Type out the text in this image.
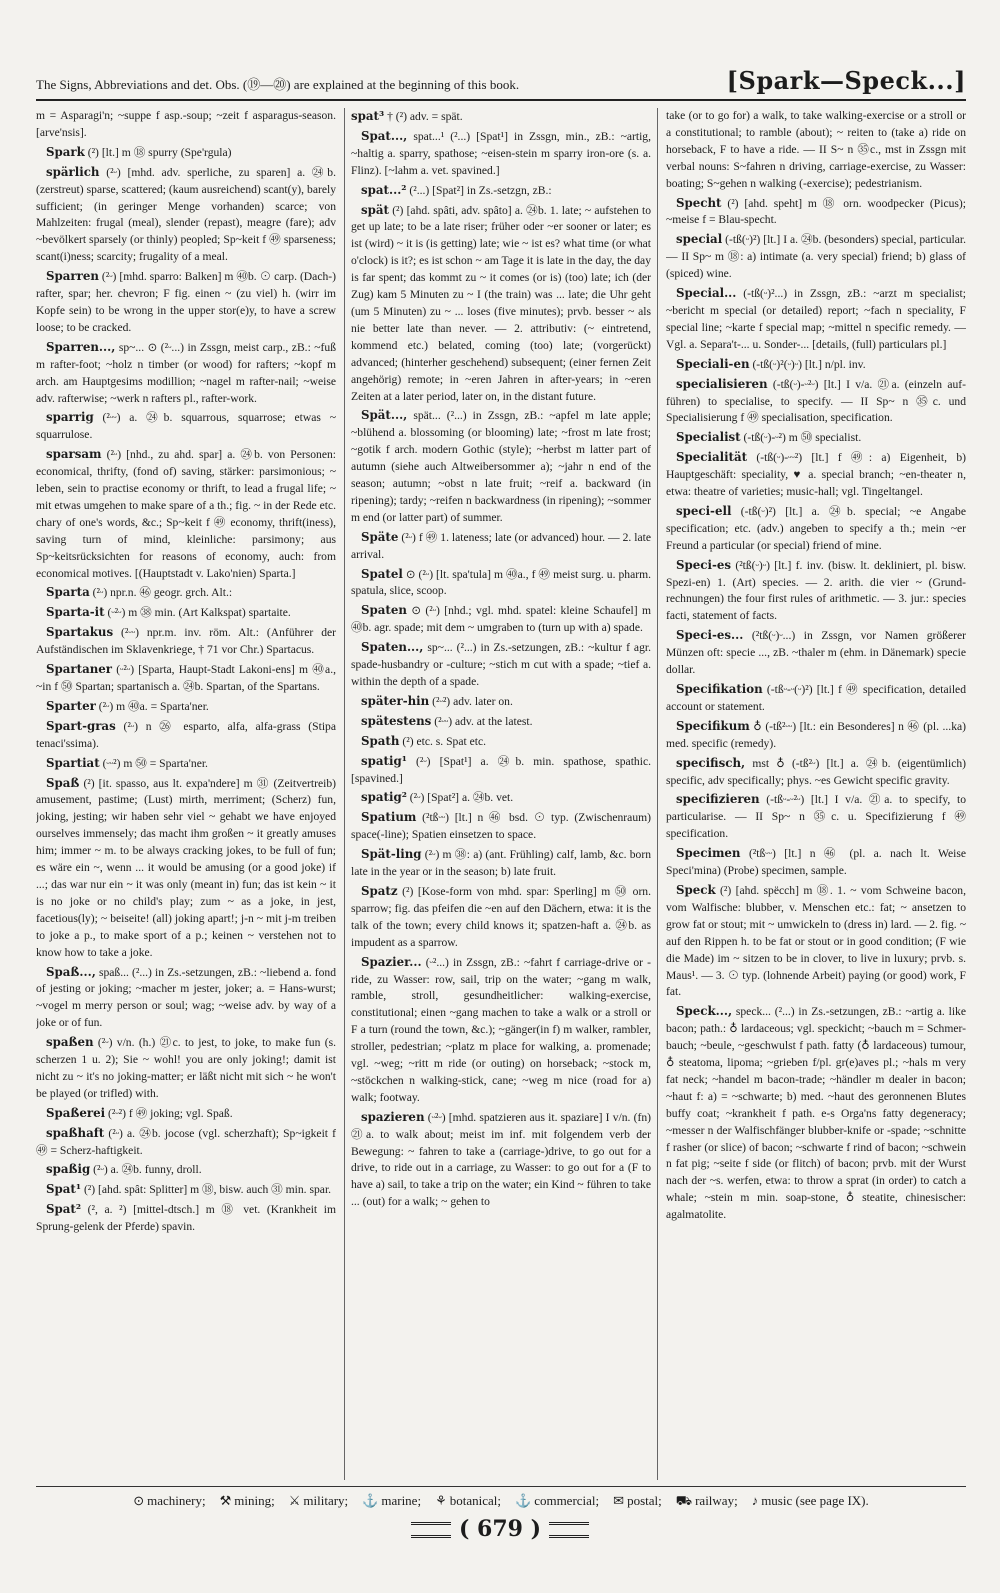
The Signs, Abbreviations and det. Obs. (⑲—⑳) are explained at the beginning of this book.	[Spark—Speck...]

m = Asparagi'n; ~suppe f asp.-soup; ~zeit f asparagus-season. [arve'nsis].

Spark (²) [lt.] m ⑱ spurry (Spe'rgula)

spärlich (²ᵕ) [mhd. adv. sperliche, zu sparen] a. ㉔b. (zerstreut) sparse, scattered; (kaum ausreichend) scant(y), barely sufficient; (in geringer Menge vorhanden) scarce; von Mahlzeiten: frugal (meal), slender (repast), meagre (fare); adv ~bevölkert sparsely (or thinly) peopled; Sp~keit f ㊾ sparseness; scant(i)ness; scarcity; frugality of a meal.

Sparren (²ᵕ) [mhd. sparro: Balken] m ㊵b. ⊙ carp. (Dach-) rafter, spar; her. chevron; F fig. einen ~ (zu viel) h. (wirr im Kopfe sein) to be wrong in the upper stor(e)y, to have a screw loose; to be cracked.

Sparren..., sp~... ⊙ (²ᵕ...) in Zssgn, meist carp., zB.: ~fuß m rafter-foot; ~holz n timber (or wood) for rafters; ~kopf m arch. am Hauptgesims modillion; ~nagel m rafter-nail; ~weise adv. rafterwise; ~werk n rafters pl., rafter-work.

sparrig (²ᵕᵕ) a. ㉔b. squarrous, squarrose; etwas ~ squarrulose.

sparsam (²ᵕ) [nhd., zu ahd. spar] a. ㉔b. von Personen: economical, thrifty, (fond of) saving, stärker: parsimonious; ~ leben, sein to practise economy or thrift, to lead a frugal life; ~ mit etwas umgehen to make spare of a th.; fig. ~ in der Rede etc. chary of one's words, &c.; Sp~keit f ㊾ economy, thrift(iness), saving turn of mind, kleinliche: parsimony; aus Sp~keitsrücksichten for reasons of economy, auch: from economical motives. [(Hauptstadt v. Lako'nien) Sparta.]

Sparta (²ᵕ) npr.n. ㊻ geogr. grch. Alt.:

Sparta-it (ᵕ²ᵕ) m ㊳ min. (Art Kalkspat) spartaite.

Spartakus (²ᵕᵕ) npr.m. inv. röm. Alt.: (Anführer der Aufständischen im Sklavenkriege, † 71 vor Chr.) Spartacus.

Spartaner (ᵕ²ᵕ) [Sparta, Haupt-Stadt Lakoni-ens] m ㊵a., ~in f ㊿ Spartan; spartanisch a. ㉔b. Spartan, of the Spartans.

Sparter (²ᵕ) m ㊵a. = Sparta'ner.

Spart-gras (²ᵕ) n ㉖ esparto, alfa, alfa-grass (Stipa tenaci'ssima).

Spartiat (ᵕᵕ²) m ㊿ = Sparta'ner.

Spaß (²) [it. spasso, aus lt. expa'ndere] m ㉛ (Zeitvertreib) amusement, pastime; (Lust) mirth, merriment; (Scherz) fun, joking, jesting; wir haben sehr viel ~ gehabt we have enjoyed ourselves immensely; das macht ihm großen ~ it greatly amuses him; immer ~ m. to be always cracking jokes, to be full of fun; es wäre ein ~, wenn ... it would be amusing (or a good joke) if ...; das war nur ein ~ it was only (meant in) fun; das ist kein ~ it is no joke or no child's play; zum ~ as a joke, in jest, facetious(ly); ~ beiseite! (all) joking apart!; j-n ~ mit j-m treiben to joke a p., to make sport of a p.; keinen ~ verstehen not to know how to take a joke.

Spaß..., spaß... (²...) in Zs.-setzungen, zB.: ~liebend a. fond of jesting or joking; ~macher m jester, joker; a. = Hans-wurst; ~vogel m merry person or soul; wag; ~weise adv. by way of a joke or of fun.

spaßen (²ᵕ) v/n. (h.) ㉑c. to jest, to joke, to make fun (s. scherzen 1 u. 2); Sie ~ wohl! you are only joking!; damit ist nicht zu ~ it's no joking-matter; er läßt nicht mit sich ~ he won't be played (or trifled) with.

Spaßerei (²ᵕ²) f ㊾ joking; vgl. Spaß.

spaßhaft (²ᵕ) a. ㉔b. jocose (vgl. scherzhaft); Sp~igkeit f ㊾ = Scherz-haftigkeit.

spaßig (²ᵕ) a. ㉔b. funny, droll.

Spat¹ (²) [ahd. spât: Splitter] m ⑱, bisw. auch ㉛ min. spar.

Spat² (², a. ²) [mittel-dtsch.] m ⑱ vet. (Krankheit im Sprung-gelenk der Pferde) spavin.

spat³ † (²) adv. = spät.

Spat..., spat...¹ (²...) [Spat¹] in Zssgn, min., zB.: ~artig, ~haltig a. sparry, spathose; ~eisen-stein m sparry iron-ore (s. a. Flinz). [~lahm a. vet. spavined.]

spat...² (²...) [Spat²] in Zs.-setzgn, zB.:

spät (²) [ahd. spâti, adv. spâto] a. ㉔b. 1. late; ~ aufstehen to get up late; to be a late riser; früher oder ~er sooner or later; es ist (wird) ~ it is (is getting) late; wie ~ ist es? what time (or what o'clock) is it?; es ist schon ~ am Tage it is late in the day, the day is far spent; das kommt zu ~ it comes (or is) (too) late; ich (der Zug) kam 5 Minuten zu ~ I (the train) was ... late; die Uhr geht (um 5 Minuten) zu ~ ... loses (five minutes); prvb. besser ~ als nie better late than never. — 2. attributiv: (~ eintretend, kommend etc.) belated, coming (too) late; (vorgerückt) advanced; (hinterher geschehend) subsequent; (einer fernen Zeit angehörig) remote; in ~eren Jahren in after-years; in ~eren Zeiten at a later period, later on, in the distant future.

Spät..., spät... (²...) in Zssgn, zB.: ~apfel m late apple; ~blühend a. blossoming (or blooming) late; ~frost m late frost; ~gotik f arch. modern Gothic (style); ~herbst m latter part of autumn (siehe auch Altweibersommer a); ~jahr n end of the season; autumn; ~obst n late fruit; ~reif a. backward (in ripening); tardy; ~reifen n backwardness (in ripening); ~sommer m end (or latter part) of summer.

Späte (²ᵕ) f ㊾ 1. lateness; late (or advanced) hour. — 2. late arrival.

Spatel ⊙ (²ᵕ) [lt. spa'tula] m ㊵a., f ㊾ meist surg. u. pharm. spatula, slice, scoop.

Spaten ⊙ (²ᵕ) [nhd.; vgl. mhd. spatel: kleine Schaufel] m ㊵b. agr. spade; mit dem ~ umgraben to (turn up with a) spade.

Spaten..., sp~... (²...) in Zs.-setzungen, zB.: ~kultur f agr. spade-husbandry or -culture; ~stich m cut with a spade; ~tief a. within the depth of a spade.

später-hin (²ᵕ²) adv. later on.

spätestens (²ᵕᵕ) adv. at the latest.

Spath (²) etc. s. Spat etc.

spatig¹ (²ᵕ) [Spat¹] a. ㉔b. min. spathose, spathic. [spavined.]

spatig² (²ᵕ) [Spat²] a. ㉔b. vet.

Spatium (²tßᵕᵕ) [lt.] n ㊻ bsd. ⊙ typ. (Zwischenraum) space(-line); Spatien einsetzen to space.

Spät-ling (²ᵕ) m ㊳: a) (ant. Frühling) calf, lamb, &c. born late in the year or in the season; b) late fruit.

Spatz (²) [Kose-form von mhd. spar: Sperling] m ㊿ orn. sparrow; fig. das pfeifen die ~en auf den Dächern, etwa: it is the talk of the town; every child knows it; spatzen-haft a. ㉔b. as impudent as a sparrow.

Spazier... (ᵕ²...) in Zssgn, zB.: ~fahrt f carriage-drive or -ride, zu Wasser: row, sail, trip on the water; ~gang m walk, ramble, stroll, gesundheitlicher: walking-exercise, constitutional; einen ~gang machen to take a walk or a stroll or F a turn (round the town, &c.); ~gänger(in f) m walker, rambler, stroller, pedestrian; ~platz m place for walking, a. promenade; vgl. ~weg; ~ritt m ride (or outing) on horseback; ~stock m, ~stöckchen n walking-stick, cane; ~weg m nice (road for a) walk; footway.

spazieren (ᵕ²ᵕ) [mhd. spatzieren aus it. spaziare] I v/n. (fn) ㉑a. to walk about; meist im inf. mit folgendem verb der Bewegung: ~ fahren to take a (carriage-)drive, to go out for a drive, to ride out in a carriage, zu Wasser: to go out for a (F to have a) sail, to take a trip on the water; ein Kind ~ führen to take ... (out) for a walk; ~ gehen to

take (or to go for) a walk, to take walking-exercise or a stroll or a constitutional; to ramble (about); ~ reiten to (take a) ride on horseback, F to have a ride. — II S~ n ㉟c., mst in Zssgn mit verbal nouns: S~fahren n driving, carriage-exercise, zu Wasser: boating; S~gehen n walking (-exercise); pedestrianism.

Specht (²) [ahd. speht] m ⑱ orn. woodpecker (Picus); ~meise f = Blau-specht.

special (-tß(ᵕ)²) [lt.] I a. ㉔b. (besonders) special, particular. — II Sp~ m ⑱: a) intimate (a. very special) friend; b) glass of (spiced) wine.

Special... (-tß(ᵕ)²...) in Zssgn, zB.: ~arzt m specialist; ~bericht m special (or detailed) report; ~fach n speciality, F special line; ~karte f special map; ~mittel n specific remedy. — Vgl. a. Separa't-... u. Sonder-... [details, (full) particulars pl.]

Speciali-en (-tß(ᵕ)²(ᵕ)ᵕ) [lt.] n/pl. inv.

specialisieren (-tß(ᵕ)-ᵕ²ᵕ) [lt.] I v/a. ㉑a. (einzeln auf-führen) to specialise, to specify. — II Sp~ n ㉟c. und Specialisierung f ㊾ specialisation, specification.

Specialist (-tß(ᵕ)-ᵕ²) m ㊿ specialist.

Specialität (-tß(ᵕ)-ᵕᵕ²) [lt.] f ㊾: a) Eigenheit, b) Hauptgeschäft: speciality, ♥ a. special branch; ~en-theater n, etwa: theatre of varieties; music-hall; vgl. Tingeltangel.

speci-ell (-tß(ᵕ)²) [lt.] a. ㉔b. special; ~e Angabe specification; etc. (adv.) angeben to specify a th.; mein ~er Freund a particular (or special) friend of mine.

Speci-es (²tß(ᵕ)ᵕ) [lt.] f. inv. (bisw. lt. dekliniert, pl. bisw. Spezi-en) 1. (Art) species. — 2. arith. die vier ~ (Grund-rechnungen) the four first rules of arithmetic. — 3. jur.: species facti, statement of facts.

Speci-es... (²tß(ᵕ)ᵕ...) in Zssgn, vor Namen größerer Münzen oft: specie ..., zB. ~thaler m (ehm. in Dänemark) specie dollar.

Specifikation (-tßᵕ-ᵕ(ᵕ)²) [lt.] f ㊾ specification, detailed account or statement.

Specifikum ♁ (-tß²ᵕᵕ) [lt.: ein Besonderes] n ㊻ (pl. ...ka) med. specific (remedy).

specifisch, mst ♁ (-tß²ᵕ) [lt.] a. ㉔b. (eigentümlich) specific, adv specifically; phys. ~es Gewicht specific gravity.

specifizieren (-tßᵕ-ᵕ²ᵕ) [lt.] I v/a. ㉑a. to specify, to particularise. — II Sp~ n ㉟c. u. Specifizierung f ㊾ specification.

Specimen (²tßᵕᵕ) [lt.] n ㊻ (pl. a. nach lt. Weise Speci'mina) (Probe) specimen, sample.

Speck (²) [ahd. spëcch] m ⑱. 1. ~ vom Schweine bacon, vom Walfische: blubber, v. Menschen etc.: fat; ~ ansetzen to grow fat or stout; mit ~ umwickeln to (dress in) lard. — 2. fig. ~ auf den Rippen h. to be fat or stout or in good condition; (F wie die Made) im ~ sitzen to be in clover, to live in luxury; prvb. s. Maus¹. — 3. ⊙ typ. (lohnende Arbeit) paying (or good) work, F fat.

Speck..., speck... (²...) in Zs.-setzungen, zB.: ~artig a. like bacon; path.: ♁ lardaceous; vgl. speckicht; ~bauch m = Schmer-bauch; ~beule, ~geschwulst f path. fatty (♁ lardaceous) tumour, ♁ steatoma, lipoma; ~grieben f/pl. gr(e)aves pl.; ~hals m very fat neck; ~handel m bacon-trade; ~händler m dealer in bacon; ~haut f: a) = ~schwarte; b) med. ~haut des geronnenen Blutes buffy coat; ~krankheit f path. e-s Orga'ns fatty degeneracy; ~messer n der Walfischfänger blubber-knife or -spade; ~schnitte f rasher (or slice) of bacon; ~schwarte f rind of bacon; ~schwein n fat pig; ~seite f side (or flitch) of bacon; prvb. mit der Wurst nach der ~s. werfen, etwa: to throw a sprat (in order) to catch a whale; ~stein m min. soap-stone, ♁ steatite, chinesischer: agalmatolite.

⊙ machinery; ⚒ mining; ⚔ military; ⚓ marine; ⚘ botanical; ⚓ commercial; ✉ postal; ⛟ railway; ♪ music (see page IX).
( 679 )
